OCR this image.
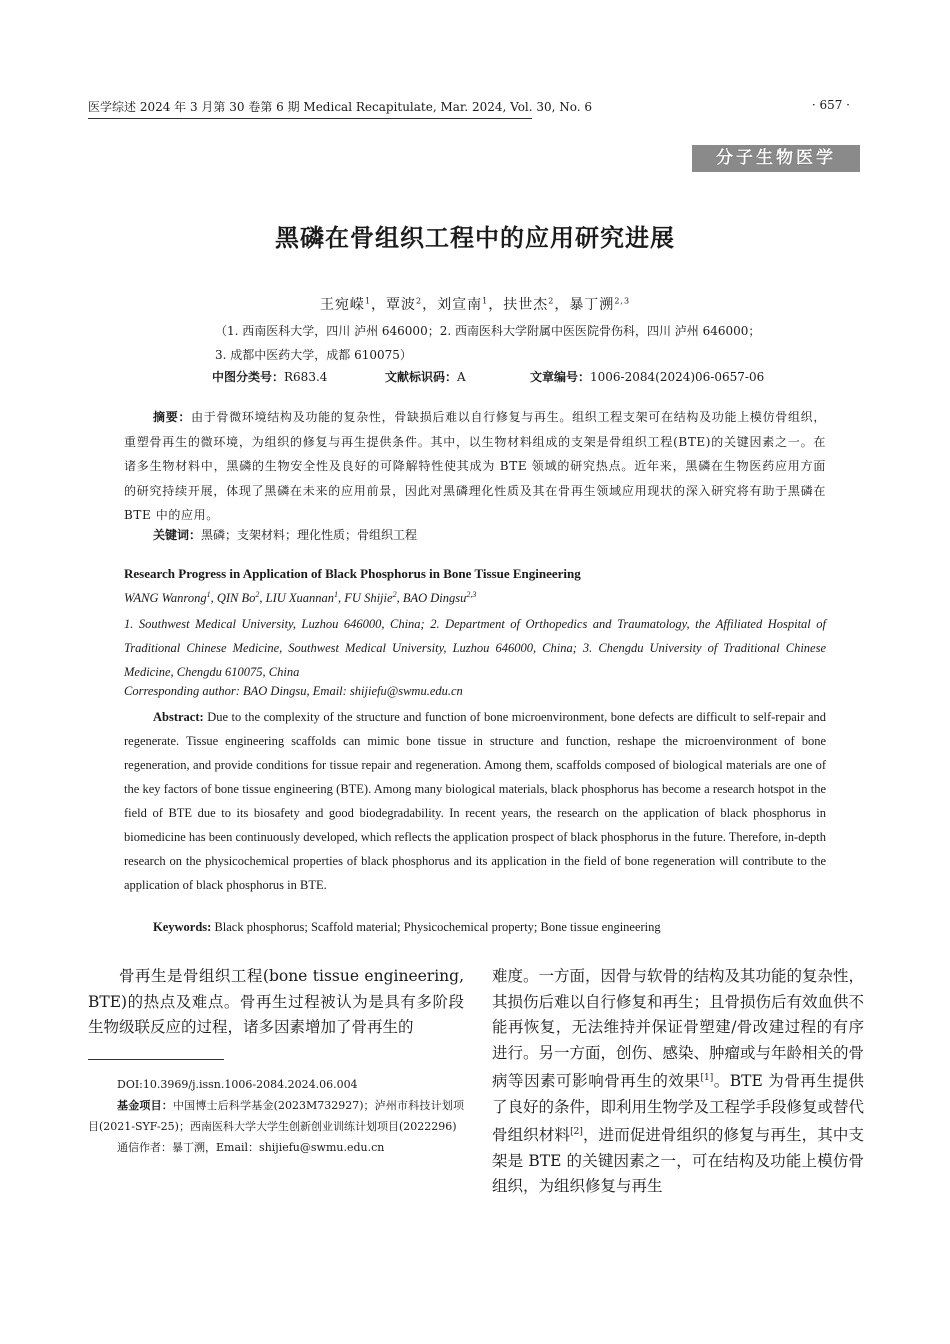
医学综述 2024 年 3 月第 30 卷第 6 期 Medical Recapitulate, Mar. 2024, Vol. 30, No. 6	· 657 ·
分子生物医学
黑磷在骨组织工程中的应用研究进展
王宛嵘$^1$，覃波$^2$，刘宣南$^1$，扶世杰$^2$，暴丁溯$^{2,3}$
（1. 西南医科大学，四川 泸州 646000；2. 西南医科大学附属中医医院骨伤科，四川 泸州 646000；
3. 成都中医药大学，成都 610075）
中图分类号：R683.4	文献标识码：A	文章编号：1006-2084(2024)06-0657-06
摘要：由于骨微环境结构及功能的复杂性，骨缺损后难以自行修复与再生。组织工程支架可在结构及功能上模仿骨组织，重塑骨再生的微环境，为组织的修复与再生提供条件。其中，以生物材料组成的支架是骨组织工程(BTE)的关键因素之一。在诸多生物材料中，黑磷的生物安全性及良好的可降解特性使其成为 BTE 领域的研究热点。近年来，黑磷在生物医药应用方面的研究持续开展，体现了黑磷在未来的应用前景，因此对黑磷理化性质及其在骨再生领域应用现状的深入研究将有助于黑磷在 BTE 中的应用。
关键词：黑磷；支架材料；理化性质；骨组织工程
Research Progress in Application of Black Phosphorus in Bone Tissue Engineering
WANG Wanrong$^1$, QIN Bo$^2$, LIU Xuannan$^1$, FU Shijie$^2$, BAO Dingsu$^{2,3}$
1. Southwest Medical University, Luzhou 646000, China; 2. Department of Orthopedics and Traumatology, the Affiliated Hospital of Traditional Chinese Medicine, Southwest Medical University, Luzhou 646000, China; 3. Chengdu University of Traditional Chinese Medicine, Chengdu 610075, China
Corresponding author: BAO Dingsu, Email: shijiefu@swmu.edu.cn
Abstract: Due to the complexity of the structure and function of bone microenvironment, bone defects are difficult to self-repair and regenerate. Tissue engineering scaffolds can mimic bone tissue in structure and function, reshape the microenvironment of bone regeneration, and provide conditions for tissue repair and regeneration. Among them, scaffolds composed of biological materials are one of the key factors of bone tissue engineering (BTE). Among many biological materials, black phosphorus has become a research hotspot in the field of BTE due to its biosafety and good biodegradability. In recent years, the research on the application of black phosphorus in biomedicine has been continuously developed, which reflects the application prospect of black phosphorus in the future. Therefore, in-depth research on the physicochemical properties of black phosphorus and its application in the field of bone regeneration will contribute to the application of black phosphorus in BTE.
Keywords: Black phosphorus; Scaffold material; Physicochemical property; Bone tissue engineering
骨再生是骨组织工程(bone tissue engineering, BTE)的热点及难点。骨再生过程被认为是具有多阶段生物级联反应的过程，诸多因素增加了骨再生的
DOI:10.3969/j.issn.1006-2084.2024.06.004
基金项目：中国博士后科学基金(2023M732927)；泸州市科技计划项目(2021-SYF-25)；西南医科大学大学生创新创业训练计划项目(2022296)
通信作者：暴丁溯，Email：shijiefu@swmu.edu.cn
难度。一方面，因骨与软骨的结构及其功能的复杂性，其损伤后难以自行修复和再生；且骨损伤后有效血供不能再恢复，无法维持并保证骨塑建/骨改建过程的有序进行。另一方面，创伤、感染、肿瘤或与年龄相关的骨病等因素可影响骨再生的效果[1]。BTE 为骨再生提供了良好的条件，即利用生物学及工程学手段修复或替代骨组织材料[2]，进而促进骨组织的修复与再生，其中支架是 BTE 的关键因素之一，可在结构及功能上模仿骨组织，为组织修复与再生
